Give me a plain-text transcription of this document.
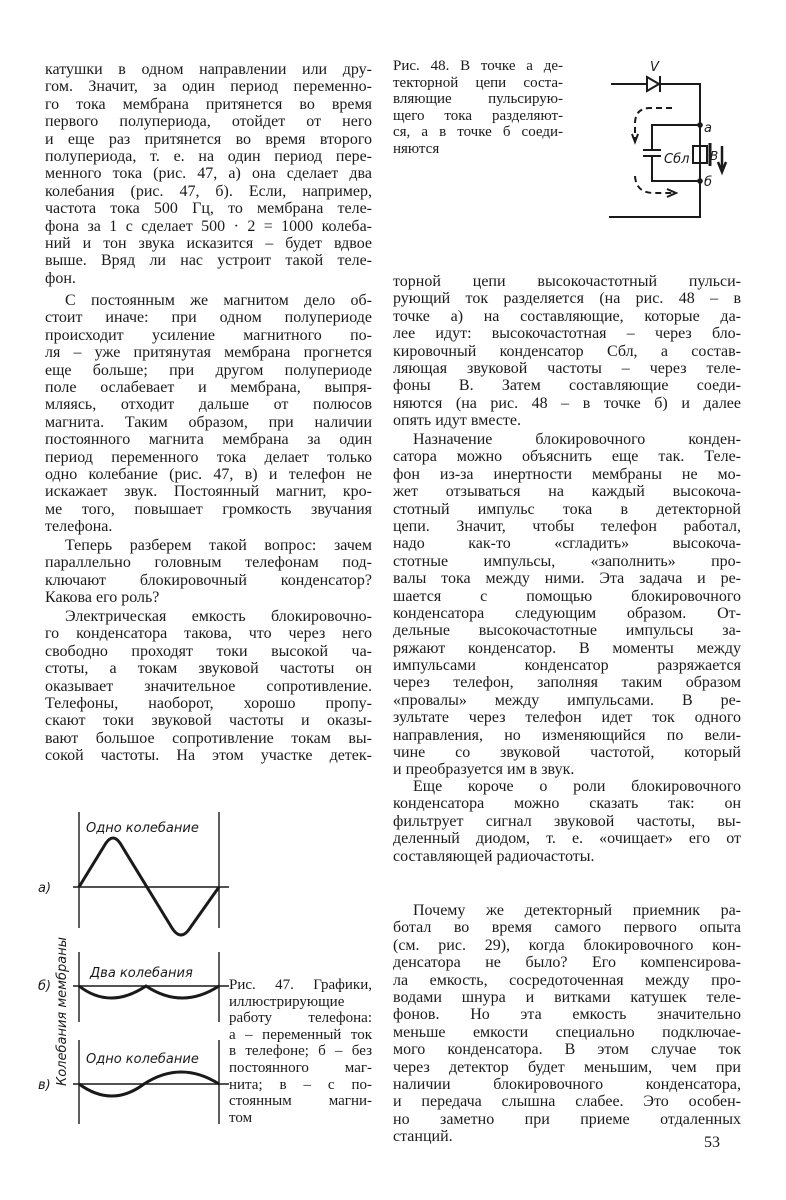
катушки в одном направлении или дру-
гом. Значит, за один период переменно-
го тока мембрана притянется во время
первого полупериода, отойдет от него
и еще раз притянется во время второго
полупериода, т. е. на один период пере-
менного тока (рис. 47, а) она сделает два
колебания (рис. 47, б). Если, например,
частота тока 500 Гц, то мембрана теле-
фона за 1 с сделает 500 · 2 = 1000 колеба-
ний и тон звука исказится – будет вдвое
выше. Вряд ли нас устроит такой теле-
фон.
С постоянным же магнитом дело об-
стоит иначе: при одном полупериоде
происходит усиление магнитного по-
ля – уже притянутая мембрана прогнется
еще больше; при другом полупериоде
поле ослабевает и мембрана, выпря-
мляясь, отходит дальше от полюсов
магнита. Таким образом, при наличии
постоянного магнита мембрана за один
период переменного тока делает только
одно колебание (рис. 47, в) и телефон не
искажает звук. Постоянный магнит, кро-
ме того, повышает громкость звучания
телефона.
Теперь разберем такой вопрос: зачем
параллельно головным телефонам под-
ключают блокировочный конденсатор?
Какова его роль?
Электрическая емкость блокировочно-
го конденсатора такова, что через него
свободно проходят токи высокой ча-
стоты, а токам звуковой частоты он
оказывает значительное сопротивление.
Телефоны, наоборот, хорошо пропу-
скают токи звуковой частоты и оказы-
вают большое сопротивление токам вы-
сокой частоты. На этом участке детек-
торной цепи высокочастотный пульси-
рующий ток разделяется (на рис. 48 – в
точке а) на составляющие, которые да-
лее идут: высокочастотная – через бло-
кировочный конденсатор Сбл, а состав-
ляющая звуковой частоты – через теле-
фоны В. Затем составляющие соеди-
няются (на рис. 48 – в точке б) и далее
опять идут вместе.
Назначение блокировочного конден-
сатора можно объяснить еще так. Теле-
фон из-за инертности мембраны не мо-
жет отзываться на каждый высокоча-
стотный импульс тока в детекторной
цепи. Значит, чтобы телефон работал,
надо как-то «сгладить» высокоча-
стотные импульсы, «заполнить» про-
валы тока между ними. Эта задача и ре-
шается с помощью блокировочного
конденсатора следующим образом. От-
дельные высокочастотные импульсы за-
ряжают конденсатор. В моменты между
импульсами конденсатор разряжается
через телефон, заполняя таким образом
«провалы» между импульсами. В ре-
зультате через телефон идет ток одного
направления, но изменяющийся по вели-
чине со звуковой частотой, который
и преобразуется им в звук.
Еще короче о роли блокировочного
конденсатора можно сказать так: он
фильтрует сигнал звуковой частоты, вы-
деленный диодом, т. е. «очищает» его от
составляющей радиочастоты.
Почему же детекторный приемник ра-
ботал во время самого первого опыта
(см. рис. 29), когда блокировочного кон-
денсатора не было? Его компенсирова-
ла емкость, сосредоточенная между про-
водами шнура и витками катушек теле-
фонов. Но эта емкость значительно
меньше емкости специально подключае-
мого конденсатора. В этом случае ток
через детектор будет меньшим, чем при
наличии блокировочного конденсатора,
и передача слышна слабее. Это особен-
но заметно при приеме отдаленных
станций.
Рис. 48. В точке а де-
текторной цепи соста-
вляющие пульсирую-
щего тока разделяют-
ся, а в точке б соеди-
няются
Рис. 47. Графики,
иллюстрирующие
работу телефона:
а – переменный ток
в телефоне; б – без
постоянного маг-
нита; в – с по-
стоянным магни-
том
V
а
б
Сбл В
Одно колебание
Два колебания
Одно колебание
а)
б)
в) Колебания мембраны
53
